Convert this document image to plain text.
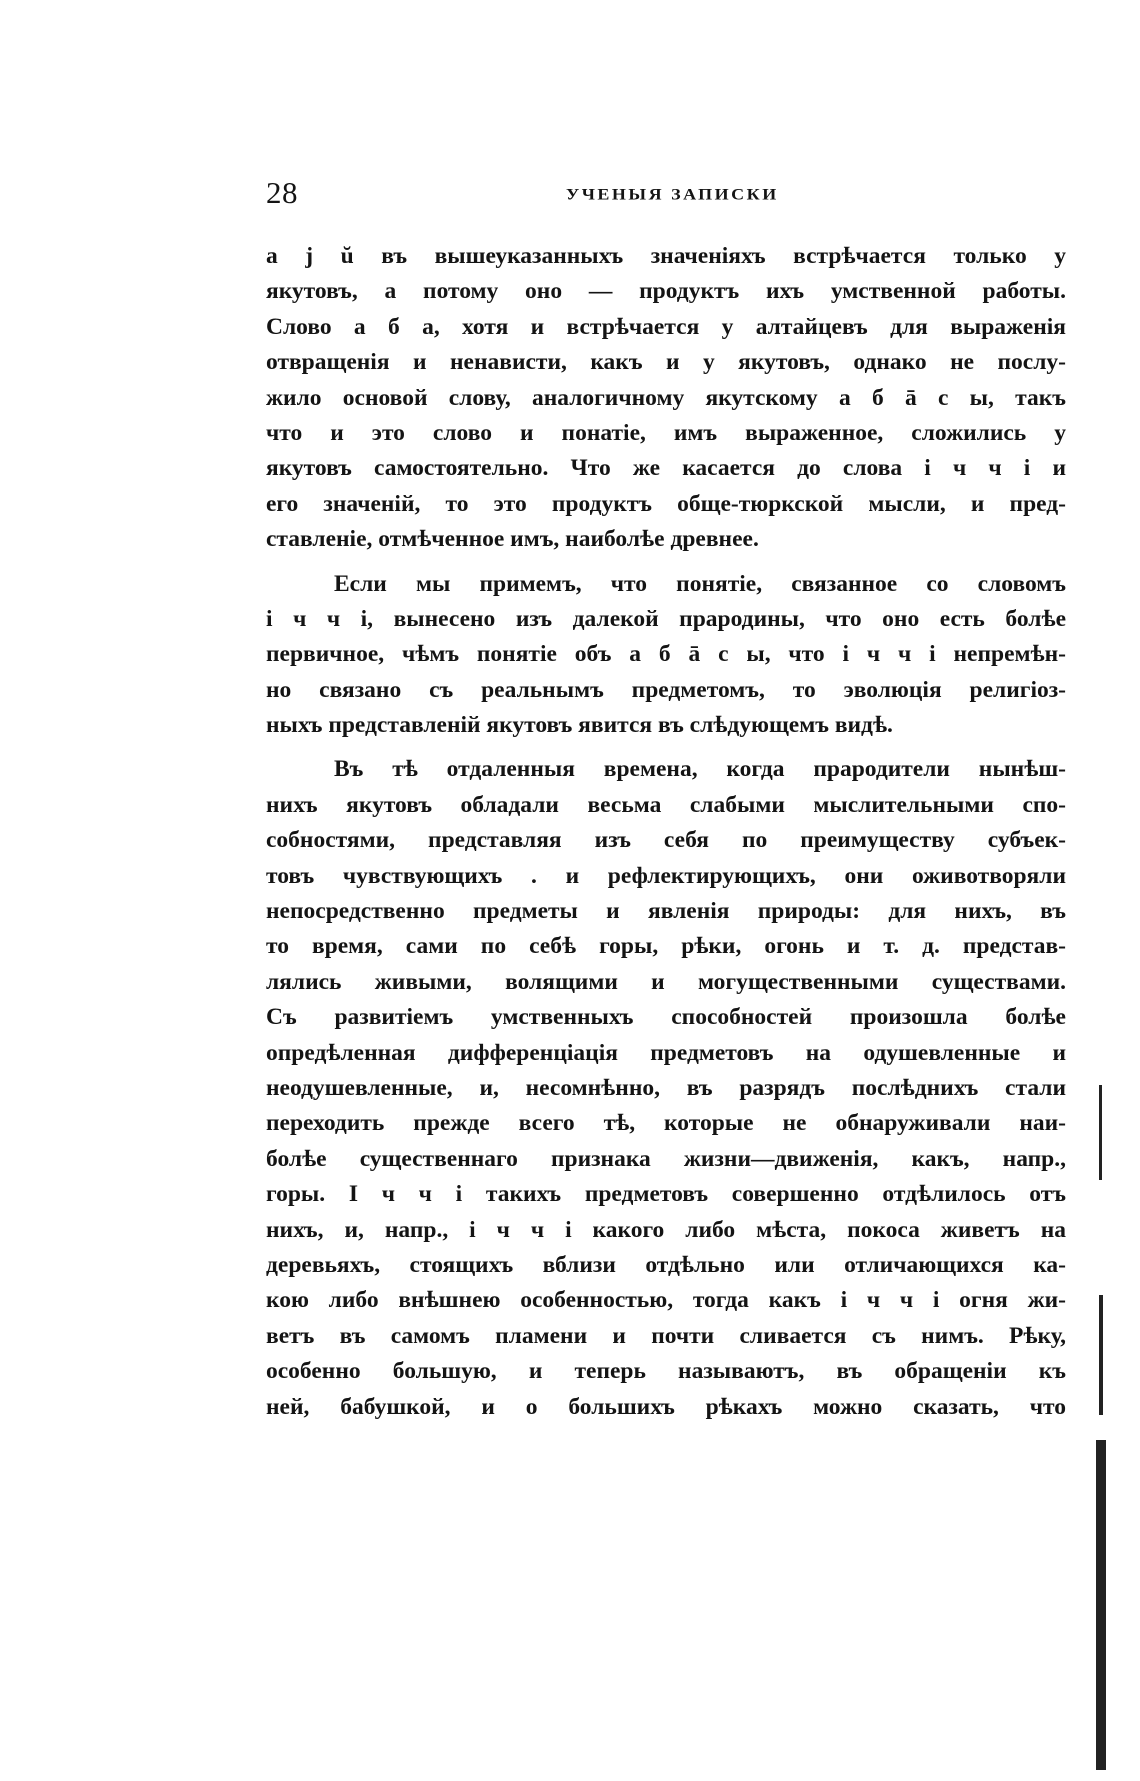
28	УЧЕНЫЯ ЗАПИСКИ
a j ŭ въ вышеуказанныхъ значеніяхъ встрѣчается только у
якутовъ, а потому оно — продуктъ ихъ умственной работы.
Слово а б а, хотя и встрѣчается у алтайцевъ для выраженія
отвращенія и ненависти, какъ и у якутовъ, однако не послу-
жило основой слову, аналогичному якутскому а б ā с ы, такъ
что и это слово и понатіе, имъ выраженное, сложились у
якутовъ самостоятельно. Что же касается до слова і ч ч і и
его значеній, то это продуктъ обще-тюркской мысли, и пред-
ставленіе, отмѣченное имъ, наиболѣе древнее.
Если мы примемъ, что понятіе, связанное со словомъ
і ч ч і, вынесено изъ далекой прародины, что оно есть болѣе
первичное, чѣмъ понятіе объ а б ā с ы, что і ч ч і непремѣн-
но связано съ реальнымъ предметомъ, то эволюція религіоз-
ныхъ представленій якутовъ явится въ слѣдующемъ видѣ.
Въ тѣ отдаленныя времена, когда прародители нынѣш-
нихъ якутовъ обладали весьма слабыми мыслительными спо-
собностями, представляя изъ себя по преимуществу субъек-
товъ чувствующихъ . и рефлектирующихъ, они оживотворяли
непосредственно предметы и явленія природы: для нихъ, въ
то время, сами по себѣ горы, рѣки, огонь и т. д. представ-
лялись живыми, волящими и могущественными существами.
Съ развитіемъ умственныхъ способностей произошла болѣе
опредѣленная дифференціація предметовъ на одушевленные и
неодушевленные, и, несомнѣнно, въ разрядъ послѣднихъ стали
переходить прежде всего тѣ, которые не обнаруживали наи-
болѣе существеннаго признака жизни—движенія, какъ, напр.,
горы. І ч ч і такихъ предметовъ совершенно отдѣлилось отъ
нихъ, и, напр., і ч ч і какого либо мѣста, покоса живетъ на
деревьяхъ, стоящихъ вблизи отдѣльно или отличающихся ка-
кою либо внѣшнею особенностью, тогда какъ і ч ч і огня жи-
ветъ въ самомъ пламени и почти сливается съ нимъ. Рѣку,
особенно большую, и теперь называютъ, въ обращеніи къ
ней, бабушкой, и о большихъ рѣкахъ можно сказать, что
